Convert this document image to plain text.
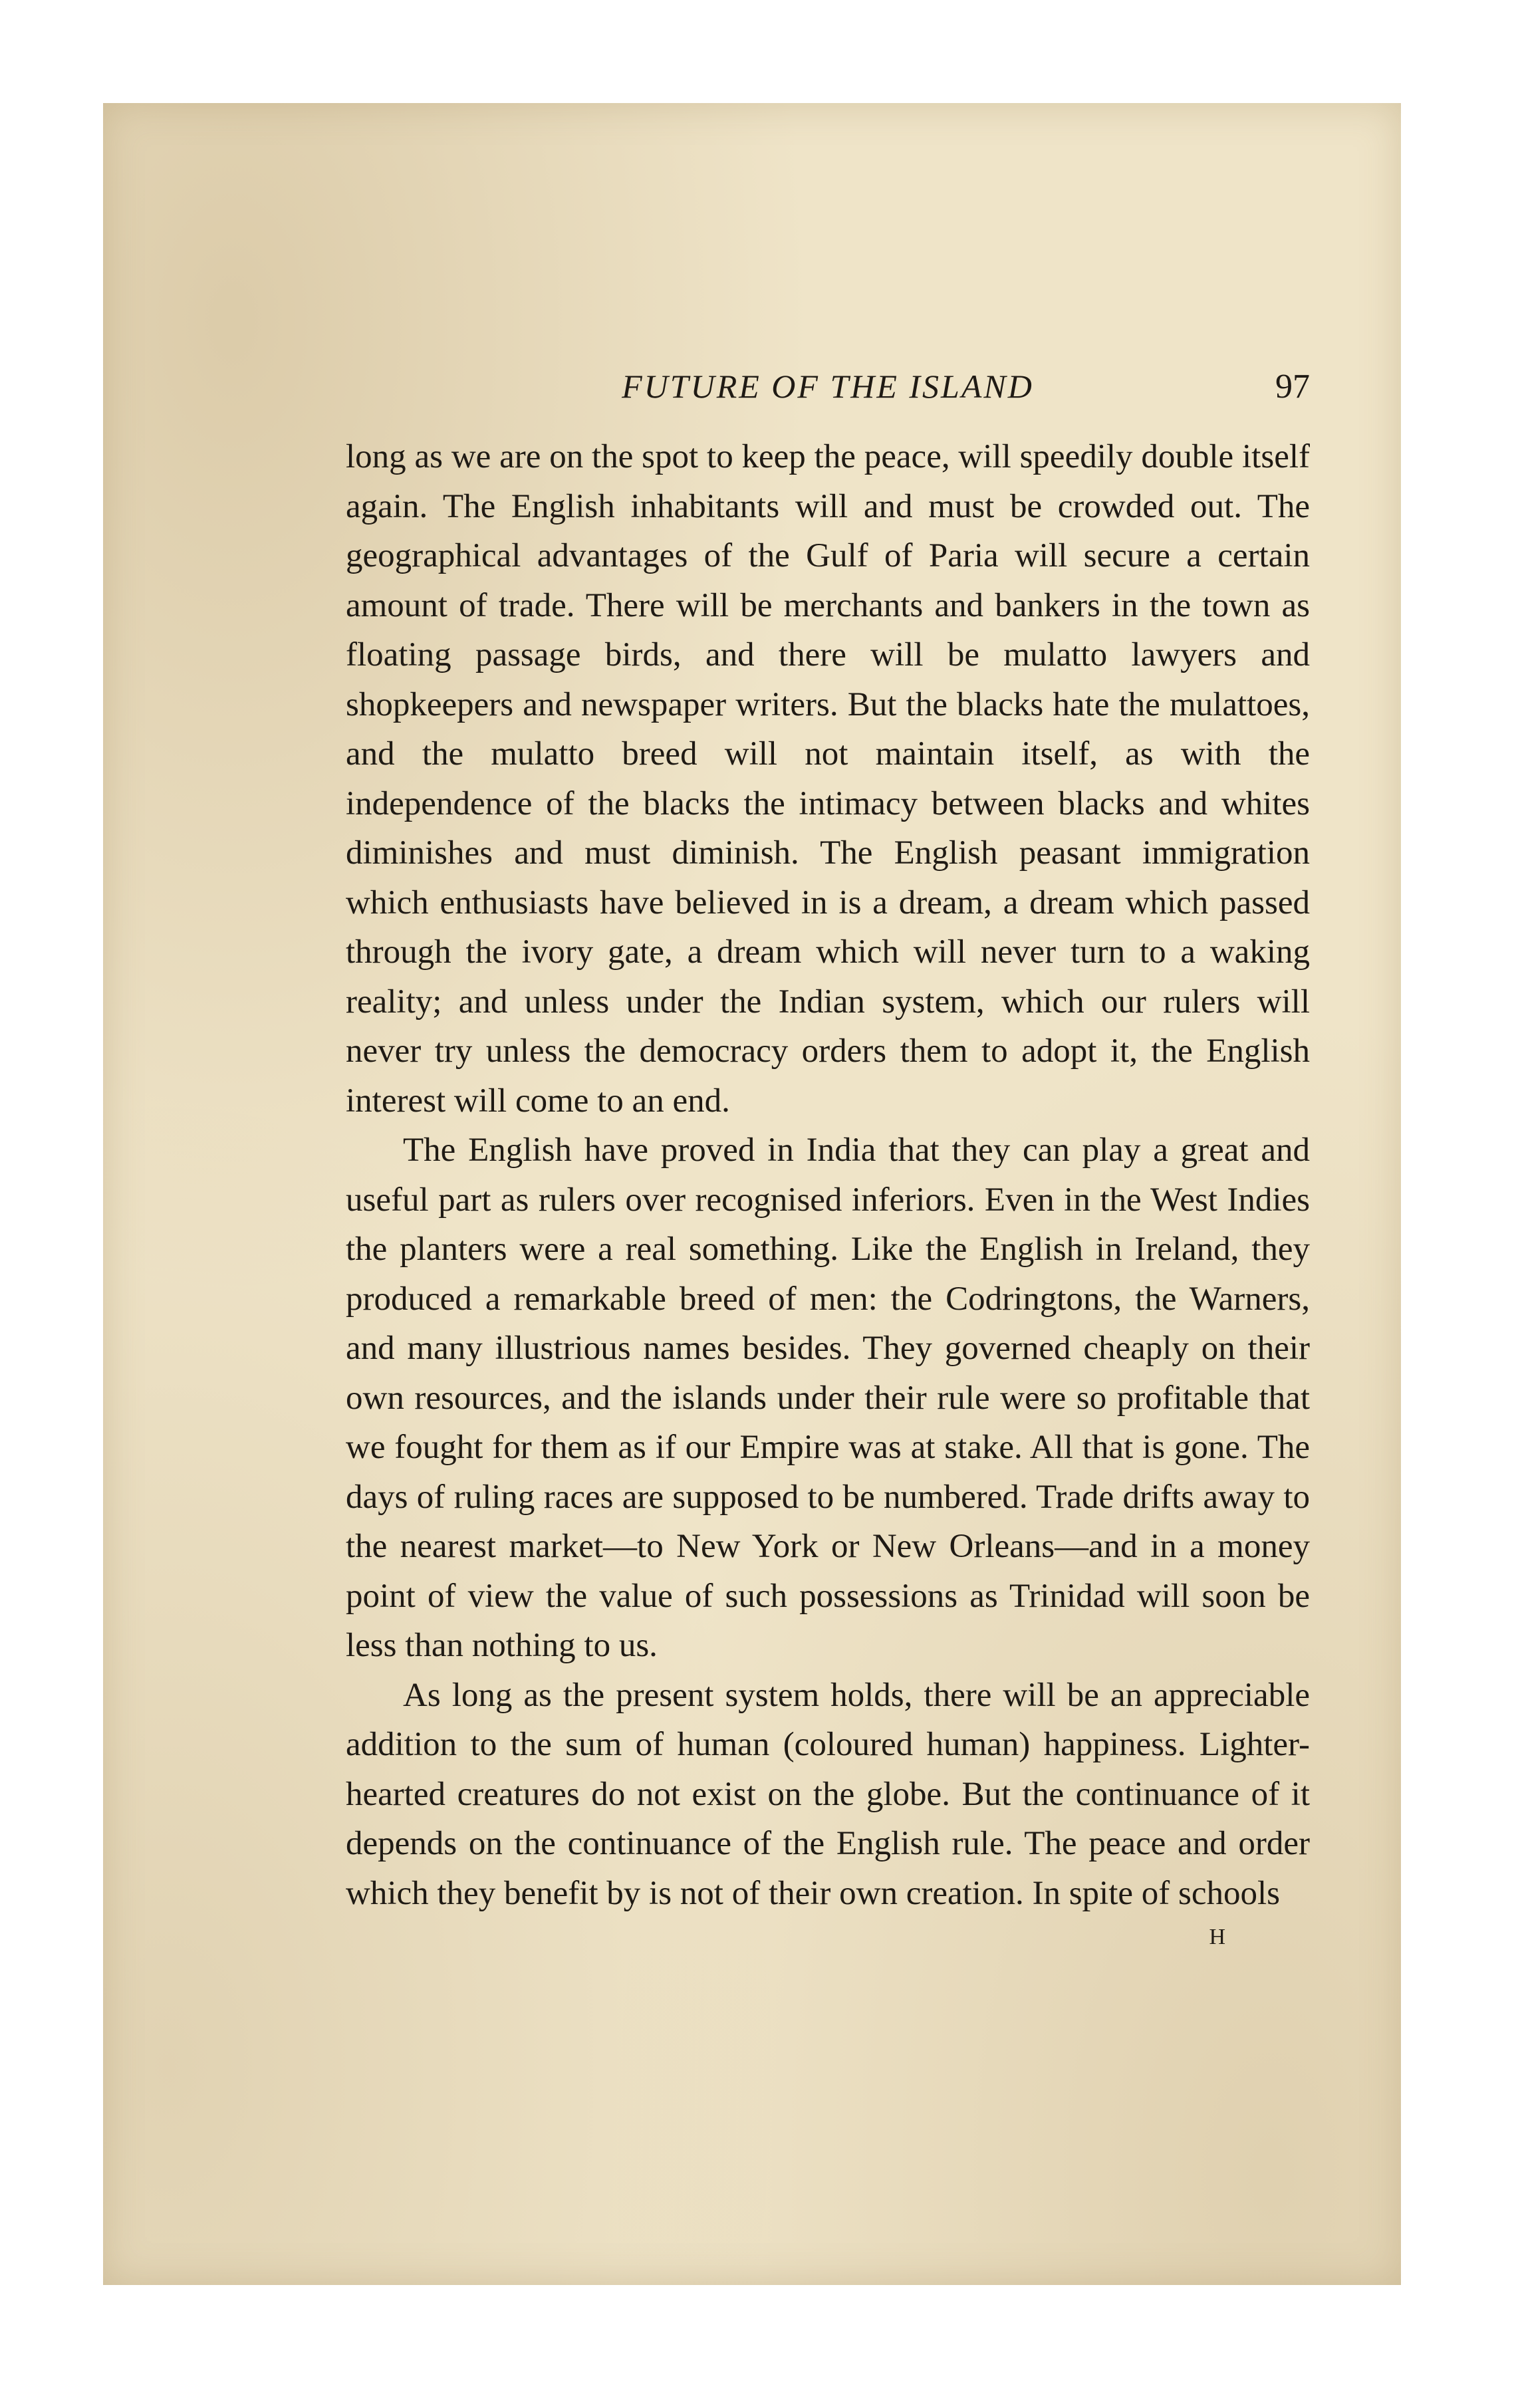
FUTURE OF THE ISLAND	97

long as we are on the spot to keep the peace, will speedily double itself again. The English inhabitants will and must be crowded out. The geographical advantages of the Gulf of Paria will secure a certain amount of trade. There will be merchants and bankers in the town as floating passage birds, and there will be mulatto lawyers and shopkeepers and newspaper writers. But the blacks hate the mulattoes, and the mulatto breed will not maintain itself, as with the independence of the blacks the intimacy between blacks and whites diminishes and must diminish. The English peasant immigration which enthusiasts have believed in is a dream, a dream which passed through the ivory gate, a dream which will never turn to a waking reality; and unless under the Indian system, which our rulers will never try unless the democracy orders them to adopt it, the English interest will come to an end.

The English have proved in India that they can play a great and useful part as rulers over recognised inferiors. Even in the West Indies the planters were a real something. Like the English in Ireland, they produced a remarkable breed of men: the Codringtons, the Warners, and many illustrious names besides. They governed cheaply on their own resources, and the islands under their rule were so profitable that we fought for them as if our Empire was at stake. All that is gone. The days of ruling races are supposed to be numbered. Trade drifts away to the nearest market—to New York or New Orleans—and in a money point of view the value of such possessions as Trinidad will soon be less than nothing to us.

As long as the present system holds, there will be an appreciable addition to the sum of human (coloured human) happiness. Lighter-hearted creatures do not exist on the globe. But the continuance of it depends on the continuance of the English rule. The peace and order which they benefit by is not of their own creation. In spite of schools

H
